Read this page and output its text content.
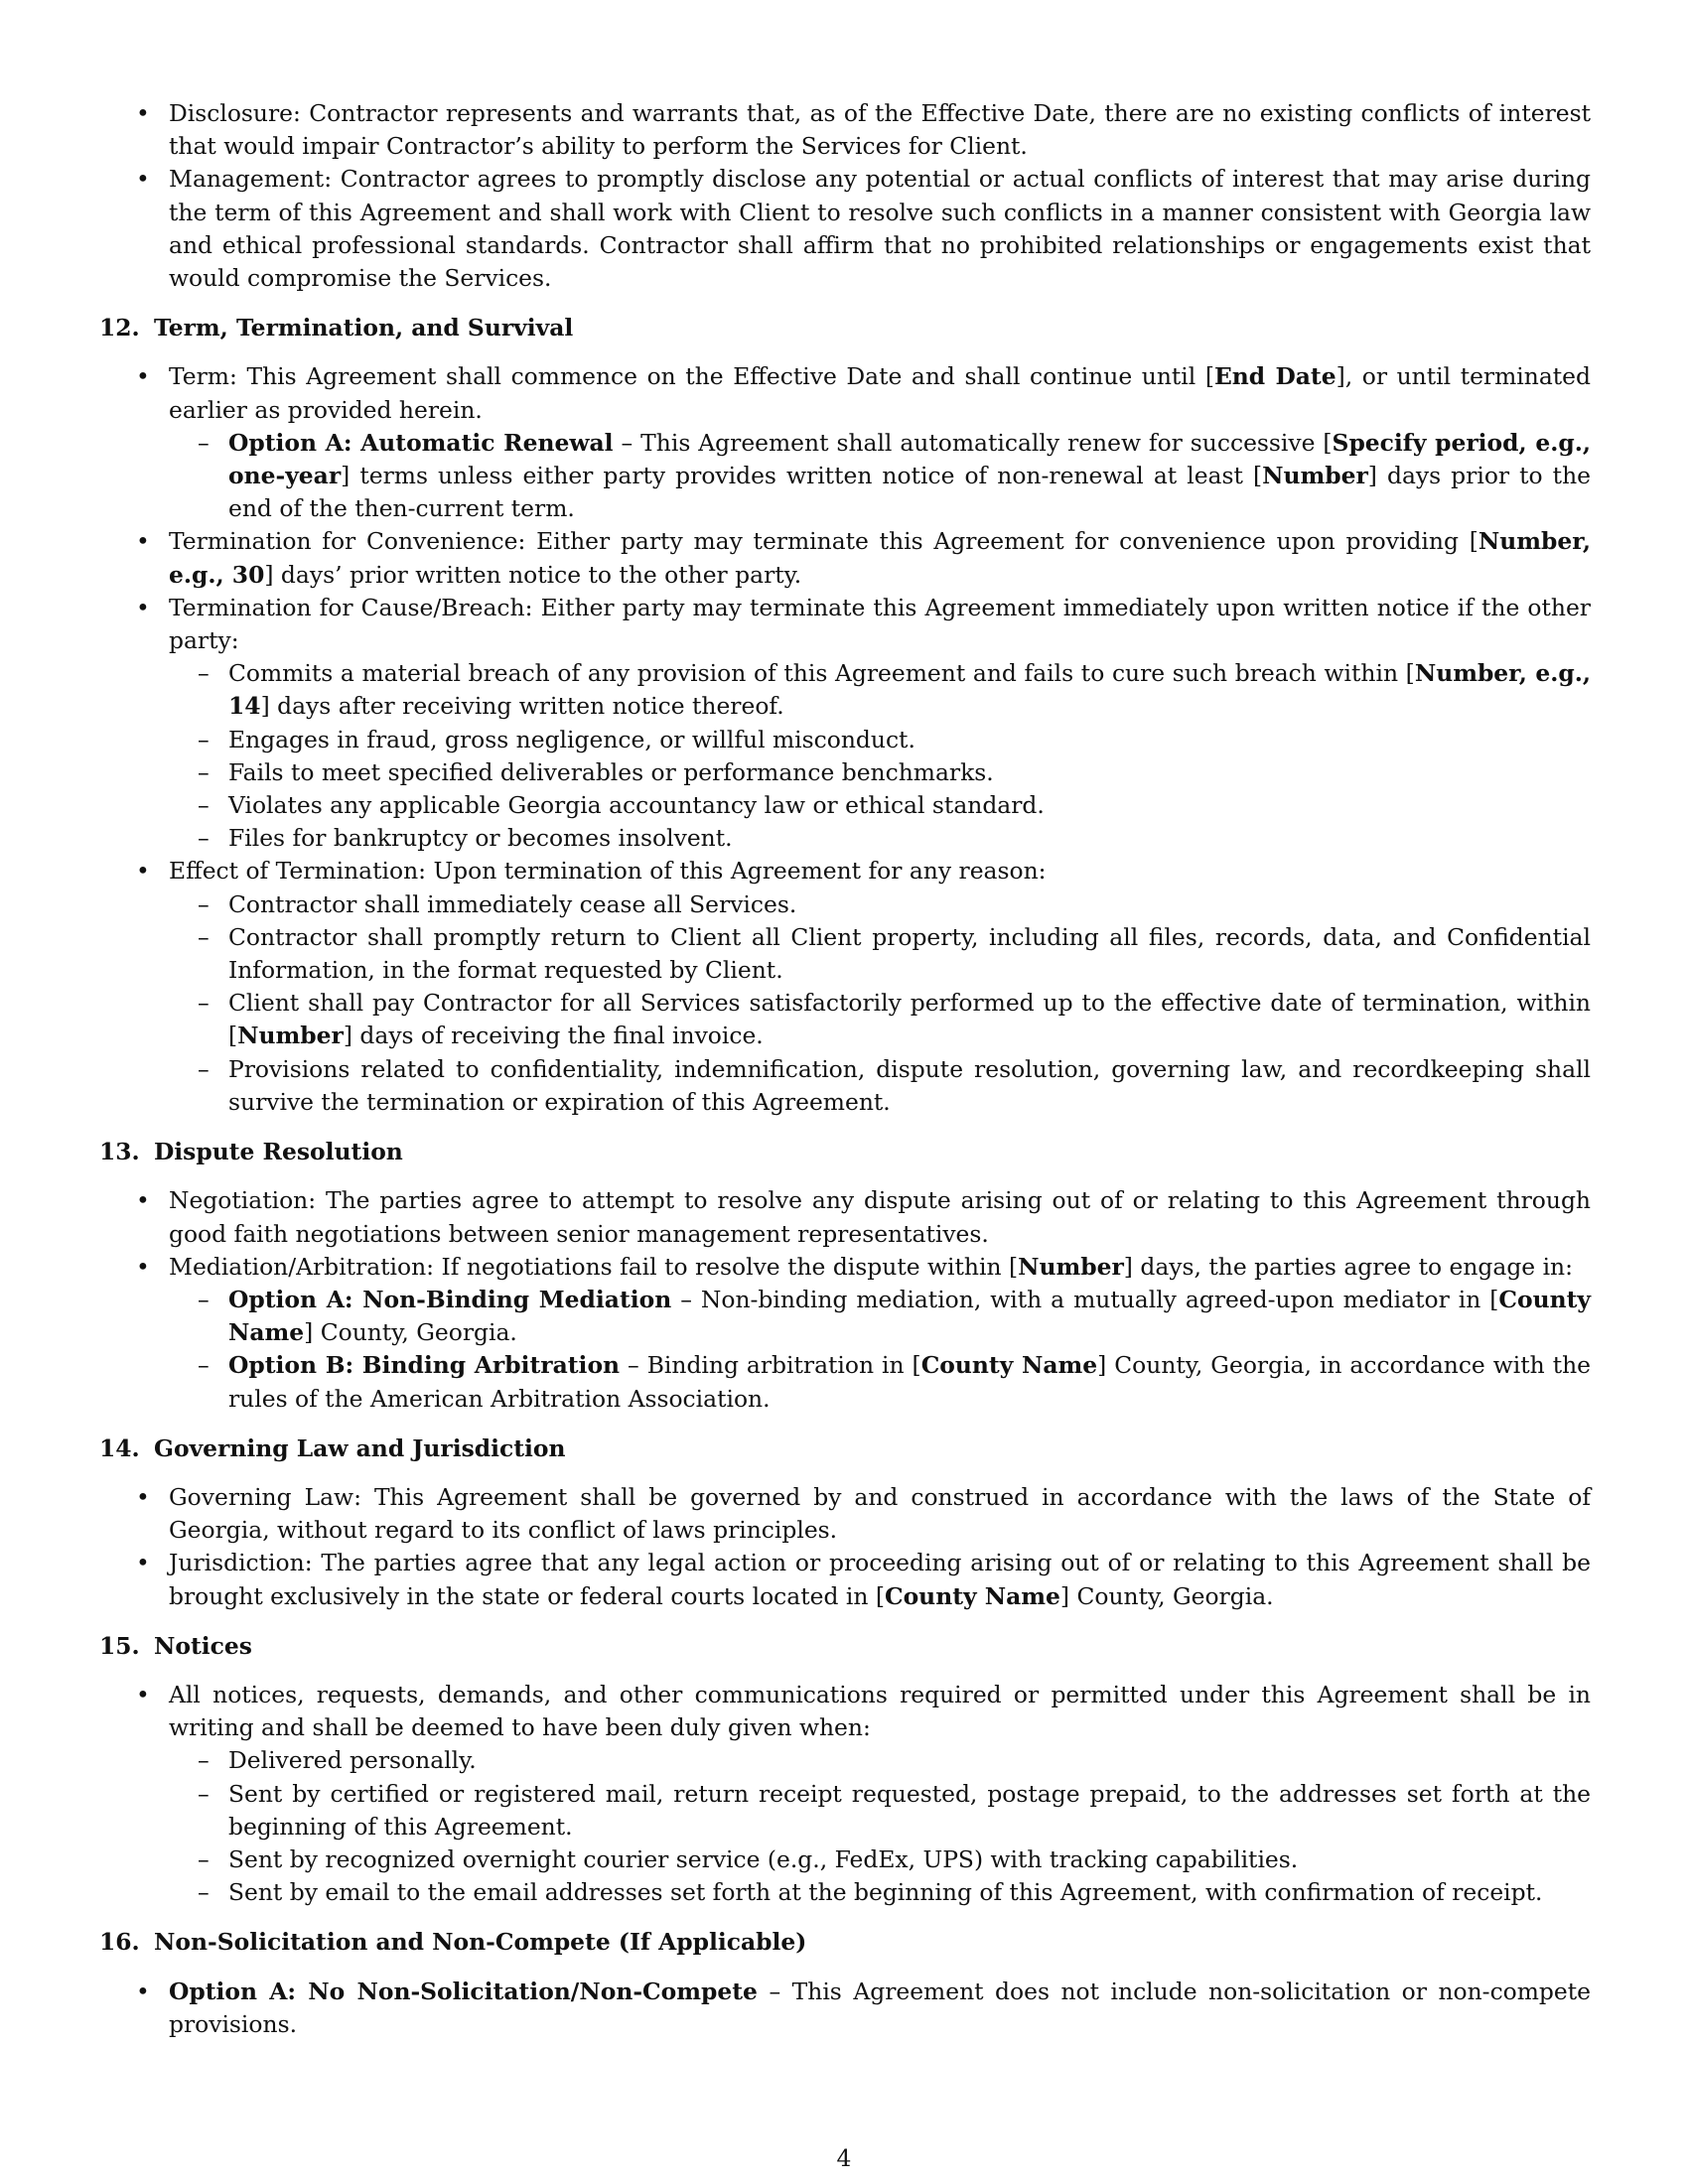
• Disclosure: Contractor represents and warrants that, as of the Effective Date, there are no existing conflicts of interest that would impair Contractor’s ability to perform the Services for Client.

• Management: Contractor agrees to promptly disclose any potential or actual conflicts of interest that may arise during the term of this Agreement and shall work with Client to resolve such conflicts in a manner consistent with Georgia law and ethical professional standards. Contractor shall affirm that no prohibited relationships or engagements exist that would compromise the Services.

12. Term, Termination, and Survival

• Term: This Agreement shall commence on the Effective Date and shall continue until [End Date], or until terminated earlier as provided herein.

– Option A: Automatic Renewal – This Agreement shall automatically renew for successive [Specify period, e.g., one-year] terms unless either party provides written notice of non-renewal at least [Number] days prior to the end of the then-current term.

• Termination for Convenience: Either party may terminate this Agreement for convenience upon providing [Number, e.g., 30] days’ prior written notice to the other party.

• Termination for Cause/Breach: Either party may terminate this Agreement immediately upon written notice if the other party:

– Commits a material breach of any provision of this Agreement and fails to cure such breach within [Number, e.g., 14] days after receiving written notice thereof.

– Engages in fraud, gross negligence, or willful misconduct.

– Fails to meet specified deliverables or performance benchmarks.

– Violates any applicable Georgia accountancy law or ethical standard.

– Files for bankruptcy or becomes insolvent.

• Effect of Termination: Upon termination of this Agreement for any reason:

– Contractor shall immediately cease all Services.

– Contractor shall promptly return to Client all Client property, including all files, records, data, and Confidential Information, in the format requested by Client.

– Client shall pay Contractor for all Services satisfactorily performed up to the effective date of termination, within [Number] days of receiving the final invoice.

– Provisions related to confidentiality, indemnification, dispute resolution, governing law, and recordkeeping shall survive the termination or expiration of this Agreement.

13. Dispute Resolution

• Negotiation: The parties agree to attempt to resolve any dispute arising out of or relating to this Agreement through good faith negotiations between senior management representatives.

• Mediation/Arbitration: If negotiations fail to resolve the dispute within [Number] days, the parties agree to engage in:

– Option A: Non-Binding Mediation – Non-binding mediation, with a mutually agreed-upon mediator in [County Name] County, Georgia.

– Option B: Binding Arbitration – Binding arbitration in [County Name] County, Georgia, in accordance with the rules of the American Arbitration Association.

14. Governing Law and Jurisdiction

• Governing Law: This Agreement shall be governed by and construed in accordance with the laws of the State of Georgia, without regard to its conflict of laws principles.

• Jurisdiction: The parties agree that any legal action or proceeding arising out of or relating to this Agreement shall be brought exclusively in the state or federal courts located in [County Name] County, Georgia.

15. Notices

• All notices, requests, demands, and other communications required or permitted under this Agreement shall be in writing and shall be deemed to have been duly given when:

– Delivered personally.

– Sent by certified or registered mail, return receipt requested, postage prepaid, to the addresses set forth at the beginning of this Agreement.

– Sent by recognized overnight courier service (e.g., FedEx, UPS) with tracking capabilities.

– Sent by email to the email addresses set forth at the beginning of this Agreement, with confirmation of receipt.

16. Non-Solicitation and Non-Compete (If Applicable)

• Option A: No Non-Solicitation/Non-Compete – This Agreement does not include non-solicitation or non-compete provisions.

4
